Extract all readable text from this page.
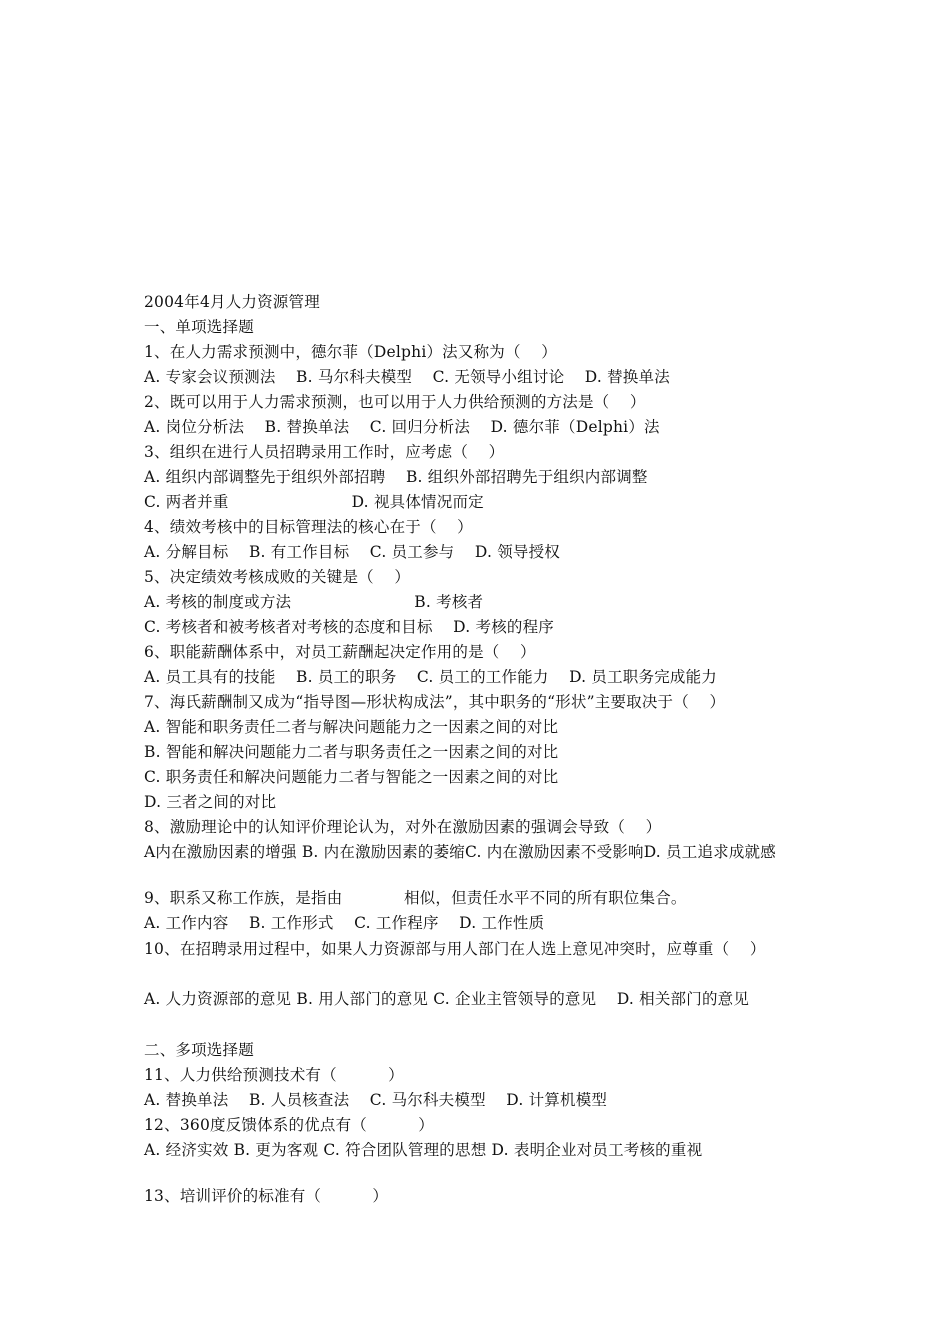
2004年4月人力资源管理
一、单项选择题
1、在人力需求预测中，德尔菲（Delphi）法又称为（    ）
A. 专家会议预测法    B. 马尔科夫模型    C. 无领导小组讨论    D. 替换单法
2、既可以用于人力需求预测，也可以用于人力供给预测的方法是（    ）
A. 岗位分析法    B. 替换单法    C. 回归分析法    D. 德尔菲（Delphi）法
3、组织在进行人员招聘录用工作时，应考虑（    ）
A. 组织内部调整先于组织外部招聘    B. 组织外部招聘先于组织内部调整
C. 两者并重                        D. 视具体情况而定
4、绩效考核中的目标管理法的核心在于（    ）
A. 分解目标    B. 有工作目标    C. 员工参与    D. 领导授权
5、决定绩效考核成败的关键是（    ）
A. 考核的制度或方法                        B. 考核者
C. 考核者和被考核者对考核的态度和目标    D. 考核的程序
6、职能薪酬体系中，对员工薪酬起决定作用的是（    ）
A. 员工具有的技能    B. 员工的职务    C. 员工的工作能力    D. 员工职务完成能力
7、海氏薪酬制又成为“指导图—形状构成法”，其中职务的“形状”主要取决于（    ）
A. 智能和职务责任二者与解决问题能力之一因素之间的对比
B. 智能和解决问题能力二者与职务责任之一因素之间的对比
C. 职务责任和解决问题能力二者与智能之一因素之间的对比
D. 三者之间的对比
8、激励理论中的认知评价理论认为，对外在激励因素的强调会导致（    ）
A内在激励因素的增强 B. 内在激励因素的萎缩C. 内在激励因素不受影响D. 员工追求成就感
9、职系又称工作族，是指由            相似，但责任水平不同的所有职位集合。
A. 工作内容    B. 工作形式    C. 工作程序    D. 工作性质
10、在招聘录用过程中，如果人力资源部与用人部门在人选上意见冲突时，应尊重（    ）
A. 人力资源部的意见 B. 用人部门的意见 C. 企业主管领导的意见    D. 相关部门的意见
二、多项选择题
11、人力供给预测技术有（          ）
A. 替换单法    B. 人员核查法    C. 马尔科夫模型    D. 计算机模型
12、360度反馈体系的优点有（          ）
A. 经济实效 B. 更为客观 C. 符合团队管理的思想 D. 表明企业对员工考核的重视
13、培训评价的标准有（          ）
